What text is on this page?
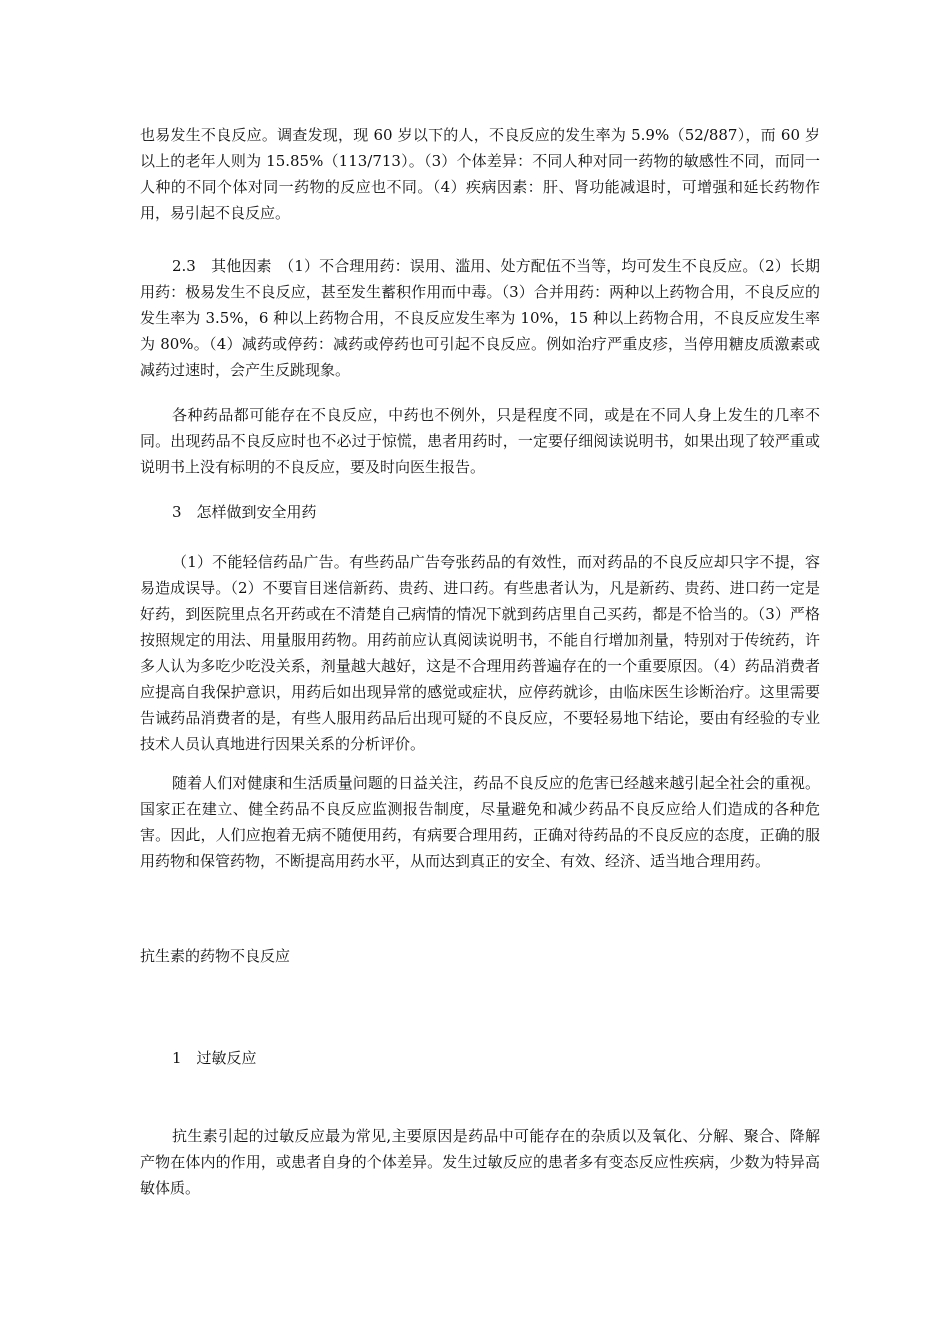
也易发生不良反应。调查发现，现 60 岁以下的人，不良反应的发生率为 5.9%（52/887），而 60 岁以上的老年人则为 15.85%（113/713）。（3）个体差异：不同人种对同一药物的敏感性不同，而同一人种的不同个体对同一药物的反应也不同。（4）疾病因素：肝、肾功能减退时，可增强和延长药物作用，易引起不良反应。

2.3　其他因素　（1）不合理用药：误用、滥用、处方配伍不当等，均可发生不良反应。（2）长期用药：极易发生不良反应，甚至发生蓄积作用而中毒。（3）合并用药：两种以上药物合用，不良反应的发生率为 3.5%，6 种以上药物合用，不良反应发生率为 10%，15 种以上药物合用，不良反应发生率为 80%。（4）减药或停药：减药或停药也可引起不良反应。例如治疗严重皮疹，当停用糖皮质激素或减药过速时，会产生反跳现象。

各种药品都可能存在不良反应，中药也不例外，只是程度不同，或是在不同人身上发生的几率不同。出现药品不良反应时也不必过于惊慌，患者用药时，一定要仔细阅读说明书，如果出现了较严重或说明书上没有标明的不良反应，要及时向医生报告。

3　怎样做到安全用药

（1）不能轻信药品广告。有些药品广告夸张药品的有效性，而对药品的不良反应却只字不提，容易造成误导。（2）不要盲目迷信新药、贵药、进口药。有些患者认为，凡是新药、贵药、进口药一定是好药，到医院里点名开药或在不清楚自己病情的情况下就到药店里自己买药，都是不恰当的。（3）严格按照规定的用法、用量服用药物。用药前应认真阅读说明书，不能自行增加剂量，特别对于传统药，许多人认为多吃少吃没关系，剂量越大越好，这是不合理用药普遍存在的一个重要原因。（4）药品消费者应提高自我保护意识，用药后如出现异常的感觉或症状，应停药就诊，由临床医生诊断治疗。这里需要告诫药品消费者的是，有些人服用药品后出现可疑的不良反应，不要轻易地下结论，要由有经验的专业技术人员认真地进行因果关系的分析评价。

随着人们对健康和生活质量问题的日益关注，药品不良反应的危害已经越来越引起全社会的重视。国家正在建立、健全药品不良反应监测报告制度，尽量避免和减少药品不良反应给人们造成的各种危害。因此，人们应抱着无病不随便用药，有病要合理用药，正确对待药品的不良反应的态度，正确的服用药物和保管药物，不断提高用药水平，从而达到真正的安全、有效、经济、适当地合理用药。

抗生素的药物不良反应

1　过敏反应

抗生素引起的过敏反应最为常见,主要原因是药品中可能存在的杂质以及氧化、分解、聚合、降解产物在体内的作用，或患者自身的个体差异。发生过敏反应的患者多有变态反应性疾病，少数为特异高敏体质。
